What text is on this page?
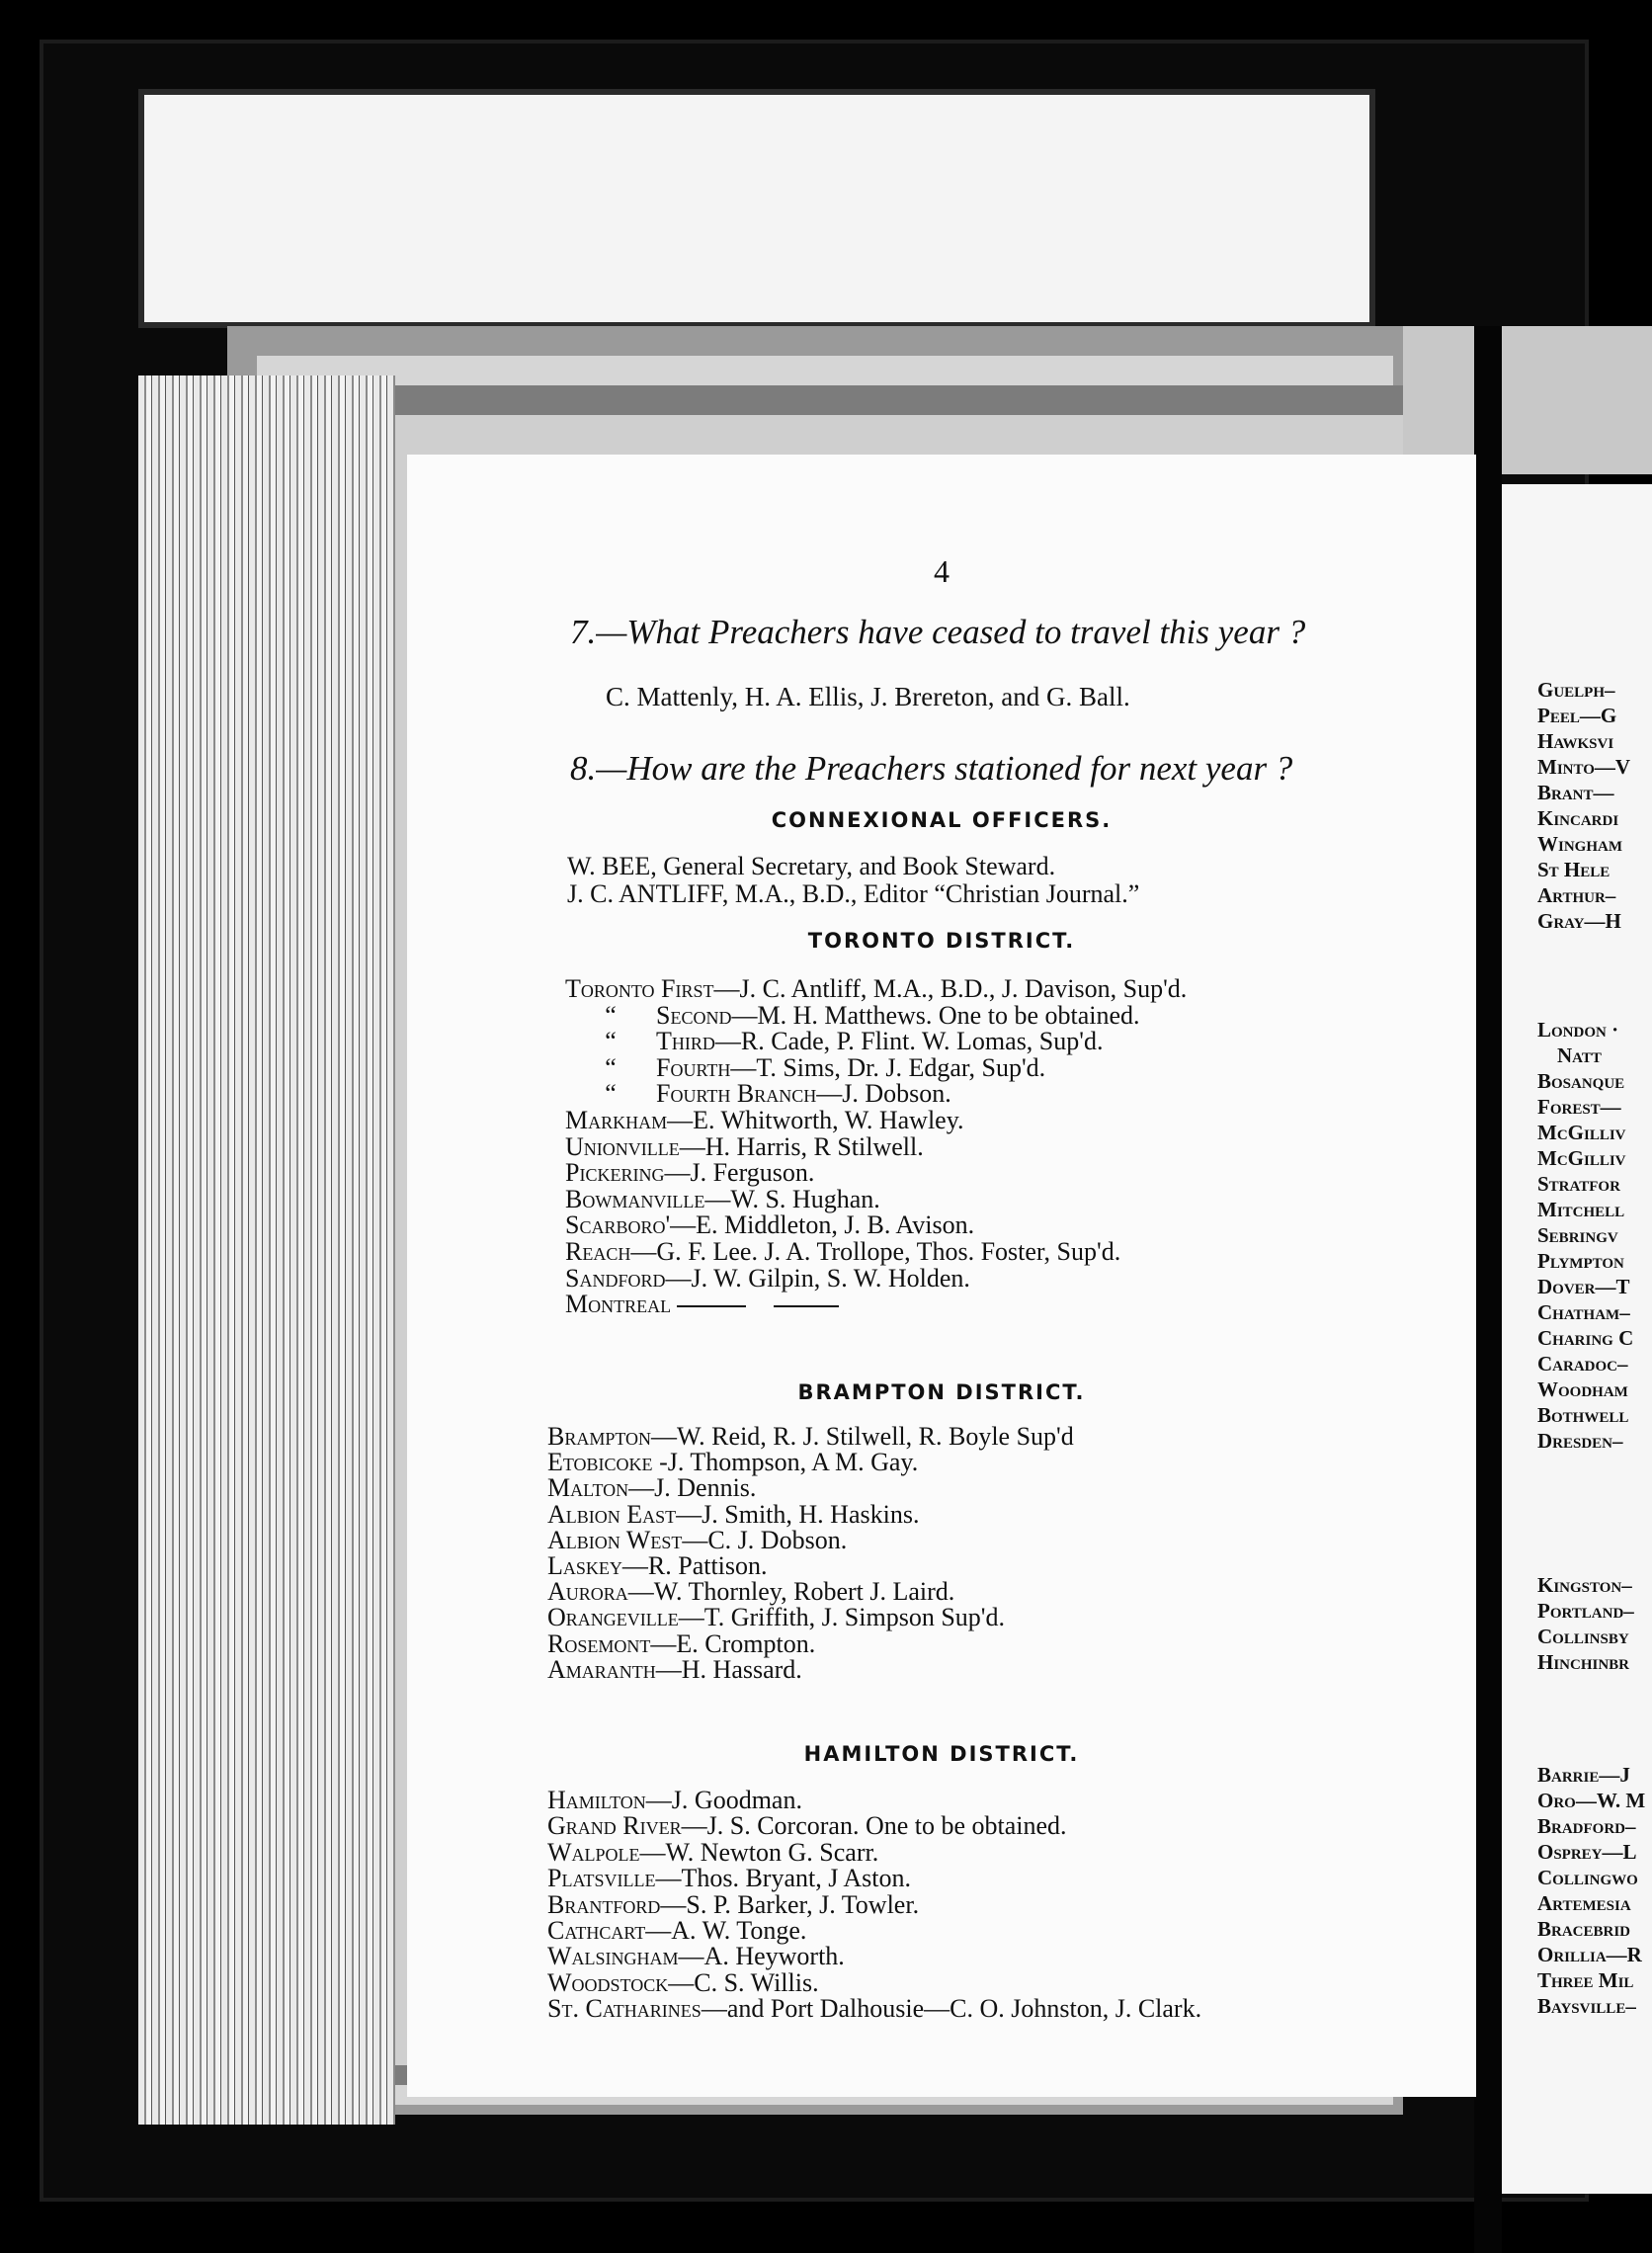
4
7.—What Preachers have ceased to travel this year ?
C. Mattenly, H. A. Ellis, J. Brereton, and G. Ball.
8.—How are the Preachers stationed for next year ?
CONNEXIONAL OFFICERS.
W. BEE, General Secretary, and Book Steward.
J. C. ANTLIFF, M.A., B.D., Editor “Christian Journal.”
TORONTO DISTRICT.
Toronto First—J. C. Antliff, M.A., B.D., J. Davison, Sup'd.
“ Second—M. H. Matthews. One to be obtained.
“ Third—R. Cade, P. Flint. W. Lomas, Sup'd.
“ Fourth—T. Sims, Dr. J. Edgar, Sup'd.
“ Fourth Branch—J. Dobson.
Markham—E. Whitworth, W. Hawley.
Unionville—H. Harris, R Stilwell.
Pickering—J. Ferguson.
Bowmanville—W. S. Hughan.
Scarboro'—E. Middleton, J. B. Avison.
Reach—G. F. Lee. J. A. Trollope, Thos. Foster, Sup'd.
Sandford—J. W. Gilpin, S. W. Holden.
Montreal
BRAMPTON DISTRICT.
Brampton—W. Reid, R. J. Stilwell, R. Boyle Sup'd
Etobicoke -J. Thompson, A M. Gay.
Malton—J. Dennis.
Albion East—J. Smith, H. Haskins.
Albion West—C. J. Dobson.
Laskey—R. Pattison.
Aurora—W. Thornley, Robert J. Laird.
Orangeville—T. Griffith, J. Simpson Sup'd.
Rosemont—E. Crompton.
Amaranth—H. Hassard.
HAMILTON DISTRICT.
Hamilton—J. Goodman.
Grand River—J. S. Corcoran. One to be obtained.
Walpole—W. Newton G. Scarr.
Platsville—Thos. Bryant, J Aston.
Brantford—S. P. Barker, J. Towler.
Cathcart—A. W. Tonge.
Walsingham—A. Heyworth.
Woodstock—C. S. Willis.
St. Catharines—and Port Dalhousie—C. O. Johnston, J. Clark.
Guelph–
Peel—G
Hawksvi
Minto—V
Brant—
Kincardi
Wingham
St Hele
Arthur–
Gray—H
London ·
Natt
Bosanque
Forest—
McGilliv
McGilliv
Stratfor
Mitchell
Sebringv
Plympton
Dover—T
Chatham–
Charing C
Caradoc–
Woodham
Bothwell
Dresden–
Kingston–
Portland–
Collinsby
Hinchinbr
Barrie—J
Oro—W. M
Bradford–
Osprey—L
Collingwo
Artemesia
Bracebrid
Orillia—R
Three Mil
Baysville–
